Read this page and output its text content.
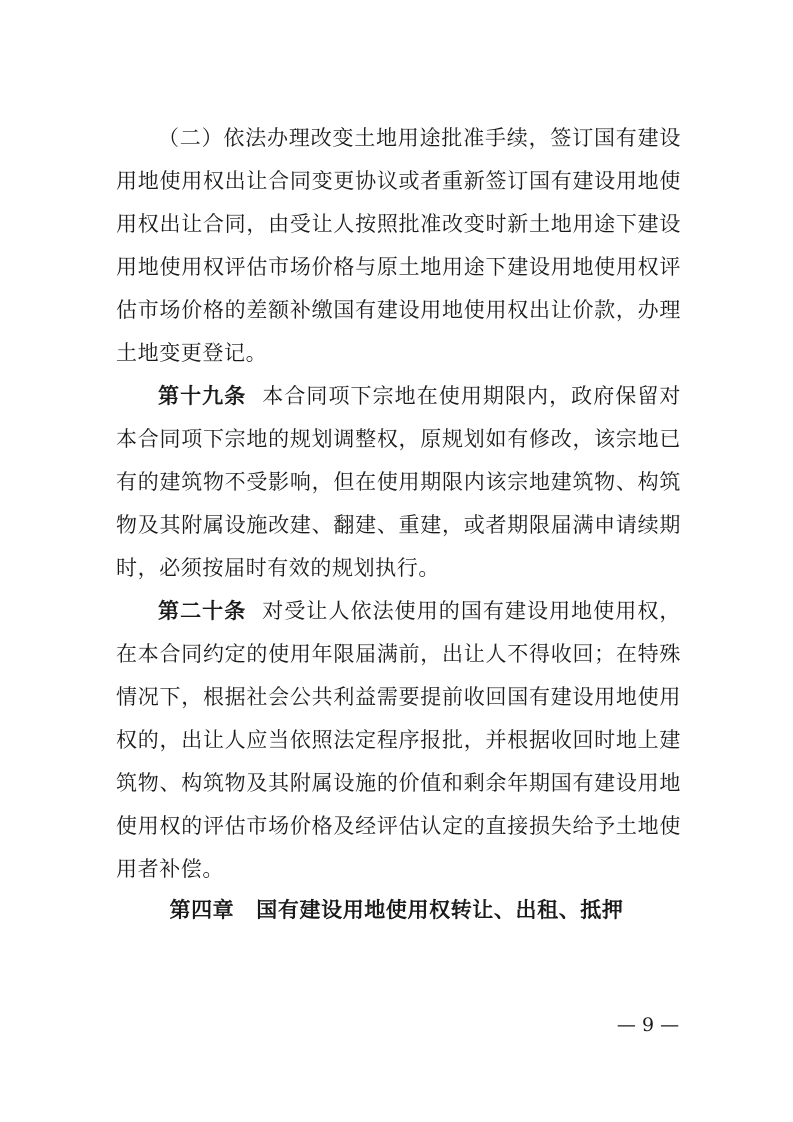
（二）依法办理改变土地用途批准手续，签订国有建设用地使用权出让合同变更协议或者重新签订国有建设用地使用权出让合同，由受让人按照批准改变时新土地用途下建设用地使用权评估市场价格与原土地用途下建设用地使用权评估市场价格的差额补缴国有建设用地使用权出让价款，办理土地变更登记。

第十九条 本合同项下宗地在使用期限内，政府保留对本合同项下宗地的规划调整权，原规划如有修改，该宗地已有的建筑物不受影响，但在使用期限内该宗地建筑物、构筑物及其附属设施改建、翻建、重建，或者期限届满申请续期时，必须按届时有效的规划执行。

第二十条 对受让人依法使用的国有建设用地使用权，在本合同约定的使用年限届满前，出让人不得收回；在特殊情况下，根据社会公共利益需要提前收回国有建设用地使用权的，出让人应当依照法定程序报批，并根据收回时地上建筑物、构筑物及其附属设施的价值和剩余年期国有建设用地使用权的评估市场价格及经评估认定的直接损失给予土地使用者补偿。

第四章 国有建设用地使用权转让、出租、抵押
— 9 —
